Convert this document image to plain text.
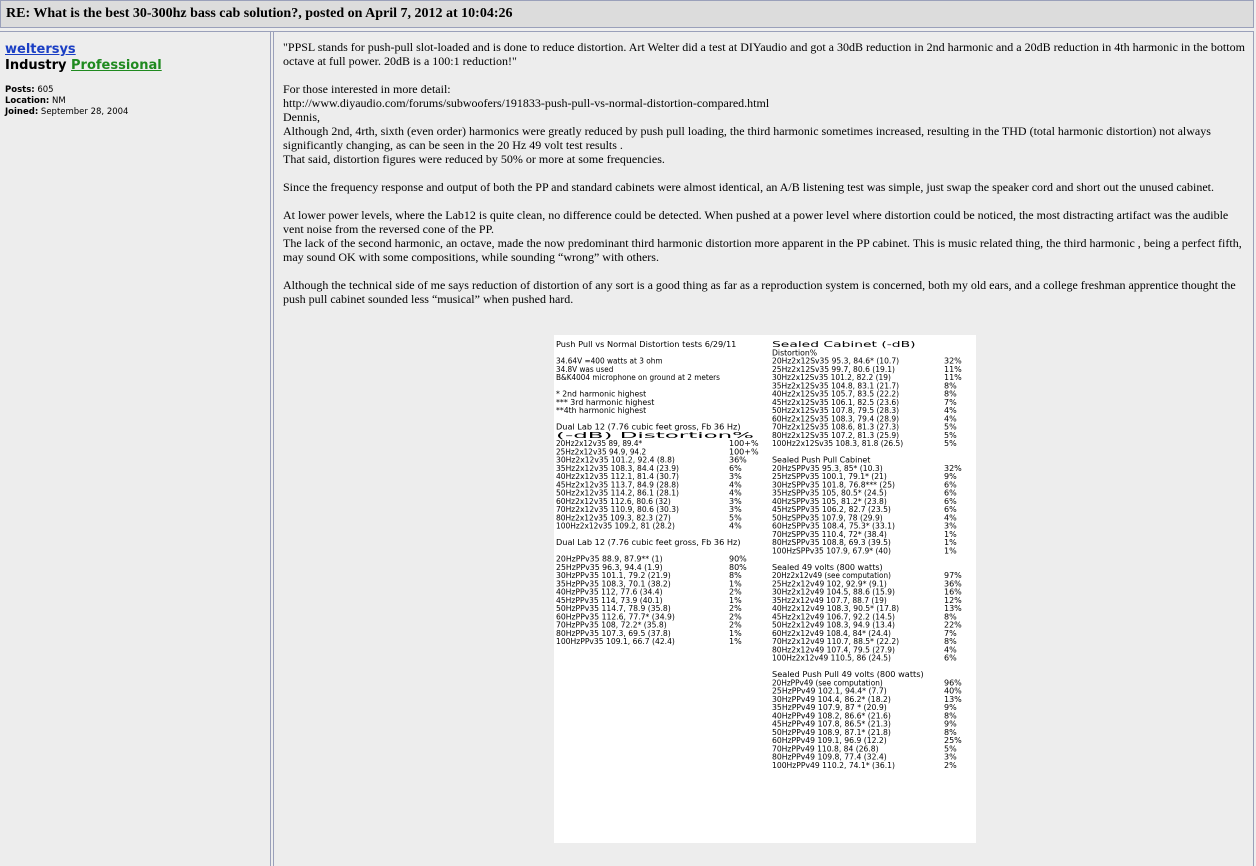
RE: What is the best 30-300hz bass cab solution?, posted on April 7, 2012 at 10:04:26
weltersys
Industry Professional
Posts: 605
Location: NM
Joined: September 28, 2004

"PPSL stands for push-pull slot-loaded and is done to reduce distortion. Art Welter did a test at DIYaudio and got a 30dB reduction in 2nd harmonic and a 20dB reduction in 4th harmonic in the bottom octave at full power. 20dB is a 100:1 reduction!"

For those interested in more detail:
http://www.diyaudio.com/forums/subwoofers/191833-push-pull-vs-normal-distortion-compared.html
Dennis,
Although 2nd, 4rth, sixth (even order) harmonics were greatly reduced by push pull loading, the third harmonic sometimes increased, resulting in the THD (total harmonic distortion) not always significantly changing, as can be seen in the 20 Hz 49 volt test results .
That said, distortion figures were reduced by 50% or more at some frequencies.

Since the frequency response and output of both the PP and standard cabinets were almost identical, an A/B listening test was simple, just swap the speaker cord and short out the unused cabinet.

At lower power levels, where the Lab12 is quite clean, no difference could be detected. When pushed at a power level where distortion could be noticed, the most distracting artifact was the audible vent noise from the reversed cone of the PP.
The lack of the second harmonic, an octave, made the now predominant third harmonic distortion more apparent in the PP cabinet. This is music related thing, the third harmonic , being a perfect fifth, may sound OK with some compositions, while sounding “wrong” with others.

Although the technical side of me says reduction of distortion of any sort is a good thing as far as a reproduction system is concerned, both my old ears, and a college freshman apprentice thought the push pull cabinet sounded less “musical” when pushed hard.

Push Pull vs Normal Distortion tests 6/29/11
34.64V =400 watts at 3 ohm
34.8V was used
B&K4004 microphone on ground at 2 meters
* 2nd harmonic highest
*** 3rd harmonic highest
**4th harmonic highest
Dual Lab 12 (7.76 cubic feet gross, Fb 36 Hz)
(-dB) Distortion%
20Hz2x12v35 89, 89.4*	100+%
25Hz2x12v35 94.9, 94.2	100+%
30Hz2x12v35 101.2, 92.4 (8.8)	36%
35Hz2x12v35 108.3, 84.4 (23.9)	6%
40Hz2x12v35 112.1, 81.4 (30.7)	3%
45Hz2x12v35 113.7, 84.9 (28.8)	4%
50Hz2x12v35 114.2, 86.1 (28.1)	4%
60Hz2x12v35 112.6, 80.6 (32)	3%
70Hz2x12v35 110.9, 80.6 (30.3)	3%
80Hz2x12v35 109.3, 82.3 (27)	5%
100Hz2x12v35 109.2, 81 (28.2)	4%
Dual Lab 12 (7.76 cubic feet gross, Fb 36 Hz)
20HzPPv35 88.9, 87.9** (1)	90%
25HzPPv35 96.3, 94.4 (1.9)	80%
30HzPPv35 101.1, 79.2 (21.9)	8%
35HzPPv35 108.3, 70.1 (38.2)	1%
40HzPPv35 112, 77.6 (34.4)	2%
45HzPPv35 114, 73.9 (40.1)	1%
50HzPPv35 114.7, 78.9 (35.8)	2%
60HzPPv35 112.6, 77.7* (34.9)	2%
70HzPPv35 108, 72.2* (35.8)	2%
80HzPPv35 107.3, 69.5 (37.8)	1%
100HzPPv35 109.1, 66.7 (42.4)	1%
Sealed Cabinet (-dB)
Distortion%
20Hz2x12Sv35 95.3, 84.6* (10.7)	32%
25Hz2x12Sv35 99.7, 80.6 (19.1)	11%
30Hz2x12Sv35 101.2, 82.2 (19)	11%
35Hz2x12Sv35 104.8, 83.1 (21.7)	8%
40Hz2x12Sv35 105.7, 83.5 (22.2)	8%
45Hz2x12Sv35 106.1, 82.5 (23.6)	7%
50Hz2x12Sv35 107.8, 79.5 (28.3)	4%
60Hz2x12Sv35 108.3, 79.4 (28.9)	4%
70Hz2x12Sv35 108.6, 81.3 (27.3)	5%
80Hz2x12Sv35 107.2, 81.3 (25.9)	5%
100Hz2x12Sv35 108.3, 81.8 (26.5)	5%
Sealed Push Pull Cabinet
20HzSPPv35 95.3, 85* (10.3)	32%
25HzSPPv35 100.1, 79.1* (21)	9%
30HzSPPv35 101.8, 76.8*** (25)	6%
35HzSPPv35 105, 80.5* (24.5)	6%
40HzSPPv35 105, 81.2* (23.8)	6%
45HzSPPv35 106.2, 82.7 (23.5)	6%
50HzSPPv35 107.9, 78 (29.9)	4%
60HzSPPv35 108.4, 75.3* (33.1)	3%
70HzSPPv35 110.4, 72* (38.4)	1%
80HzSPPv35 108.8, 69.3 (39.5)	1%
100HzSPPv35 107.9, 67.9* (40)	1%
Sealed 49 volts (800 watts)
20Hz2x12v49 (see computation)	97%
25Hz2x12v49 102, 92.9* (9.1)	36%
30Hz2x12v49 104.5, 88.6 (15.9)	16%
35Hz2x12v49 107.7, 88.7 (19)	12%
40Hz2x12v49 108.3, 90.5* (17.8)	13%
45Hz2x12v49 106.7, 92.2 (14.5)	8%
50Hz2x12v49 108.3, 94.9 (13.4)	22%
60Hz2x12v49 108.4, 84* (24.4)	7%
70Hz2x12v49 110.7, 88.5* (22.2)	8%
80Hz2x12v49 107.4, 79.5 (27.9)	4%
100Hz2x12v49 110.5, 86 (24.5)	6%
Sealed Push Pull 49 volts (800 watts)
20HzPPv49 (see computation)	96%
25HzPPv49 102.1, 94.4* (7.7)	40%
30HzPPv49 104.4, 86.2* (18.2)	13%
35HzPPv49 107.9, 87 * (20.9)	9%
40HzPPv49 108.2, 86.6* (21.6)	8%
45HzPPv49 107.8, 86.5* (21.3)	9%
50HzPPv49 108.9, 87.1* (21.8)	8%
60HzPPv49 109.1, 96.9 (12.2)	25%
70HzPPv49 110.8, 84 (26.8)	5%
80HzPPv49 109.8, 77.4 (32.4)	3%
100HzPPv49 110.2, 74.1* (36.1)	2%
